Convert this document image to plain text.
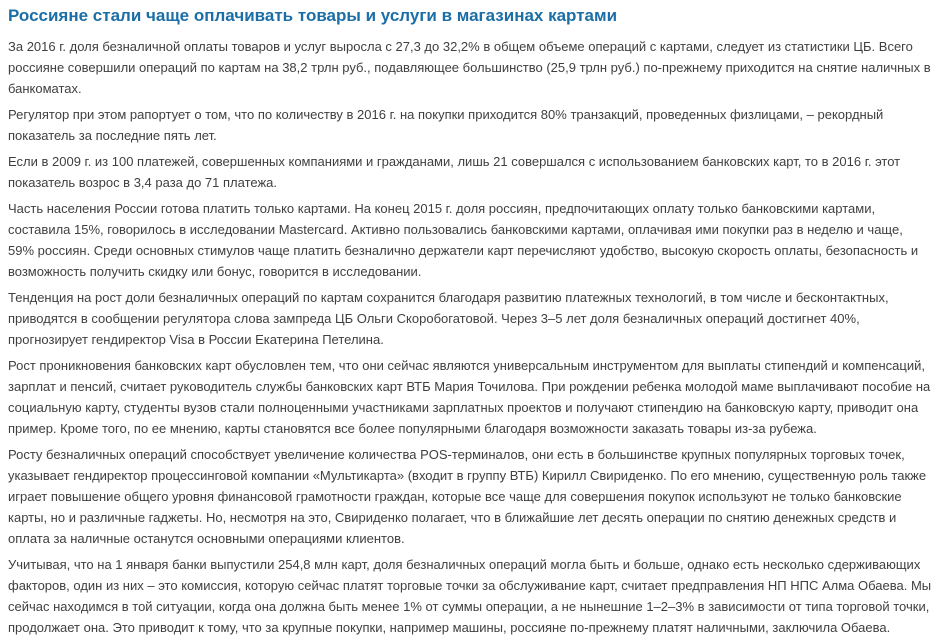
Россияне стали чаще оплачивать товары и услуги в магазинах картами

За 2016 г. доля безналичной оплаты товаров и услуг выросла с 27,3 до 32,2% в общем объеме операций с картами, следует из статистики ЦБ. Всего россияне совершили операций по картам на 38,2 трлн руб., подавляющее большинство (25,9 трлн руб.) по-прежнему приходится на снятие наличных в банкоматах.

Регулятор при этом рапортует о том, что по количеству в 2016 г. на покупки приходится 80% транзакций, проведенных физлицами, – рекордный показатель за последние пять лет.

Если в 2009 г. из 100 платежей, совершенных компаниями и гражданами, лишь 21 совершался с использованием банковских карт, то в 2016 г. этот показатель возрос в 3,4 раза до 71 платежа.

Часть населения России готова платить только картами. На конец 2015 г. доля россиян, предпочитающих оплату только банковскими картами, составила 15%, говорилось в исследовании Mastercard. Активно пользовались банковскими картами, оплачивая ими покупки раз в неделю и чаще, 59% россиян. Среди основных стимулов чаще платить безналично держатели карт перечисляют удобство, высокую скорость оплаты, безопасность и возможность получить скидку или бонус, говорится в исследовании.

Тенденция на рост доли безналичных операций по картам сохранится благодаря развитию платежных технологий, в том числе и бесконтактных, приводятся в сообщении регулятора слова зампреда ЦБ Ольги Скоробогатовой. Через 3–5 лет доля безналичных операций достигнет 40%, прогнозирует гендиректор Visa в России Екатерина Петелина.

Рост проникновения банковских карт обусловлен тем, что они сейчас являются универсальным инструментом для выплаты стипендий и компенсаций, зарплат и пенсий, считает руководитель службы банковских карт ВТБ Мария Точилова. При рождении ребенка молодой маме выплачивают пособие на социальную карту, студенты вузов стали полноценными участниками зарплатных проектов и получают стипендию на банковскую карту, приводит она пример. Кроме того, по ее мнению, карты становятся все более популярными благодаря возможности заказать товары из-за рубежа.

Росту безналичных операций способствует увеличение количества POS-терминалов, они есть в большинстве крупных популярных торговых точек, указывает гендиректор процессинговой компании «Мультикарта» (входит в группу ВТБ) Кирилл Свириденко. По его мнению, существенную роль также играет повышение общего уровня финансовой грамотности граждан, которые все чаще для совершения покупок используют не только банковские карты, но и различные гаджеты. Но, несмотря на это, Свириденко полагает, что в ближайшие лет десять операции по снятию денежных средств и оплата за наличные останутся основными операциями клиентов.

Учитывая, что на 1 января банки выпустили 254,8 млн карт, доля безналичных операций могла быть и больше, однако есть несколько сдерживающих факторов, один из них – это комиссия, которую сейчас платят торговые точки за обслуживание карт, считает предправления НП НПС Алма Обаева. Мы сейчас находимся в той ситуации, когда она должна быть менее 1% от суммы операции, а не нынешние 1–2–3% в зависимости от типа торговой точки, продолжает она. Это приводит к тому, что за крупные покупки, например машины, россияне по-прежнему платят наличными, заключила Обаева.
